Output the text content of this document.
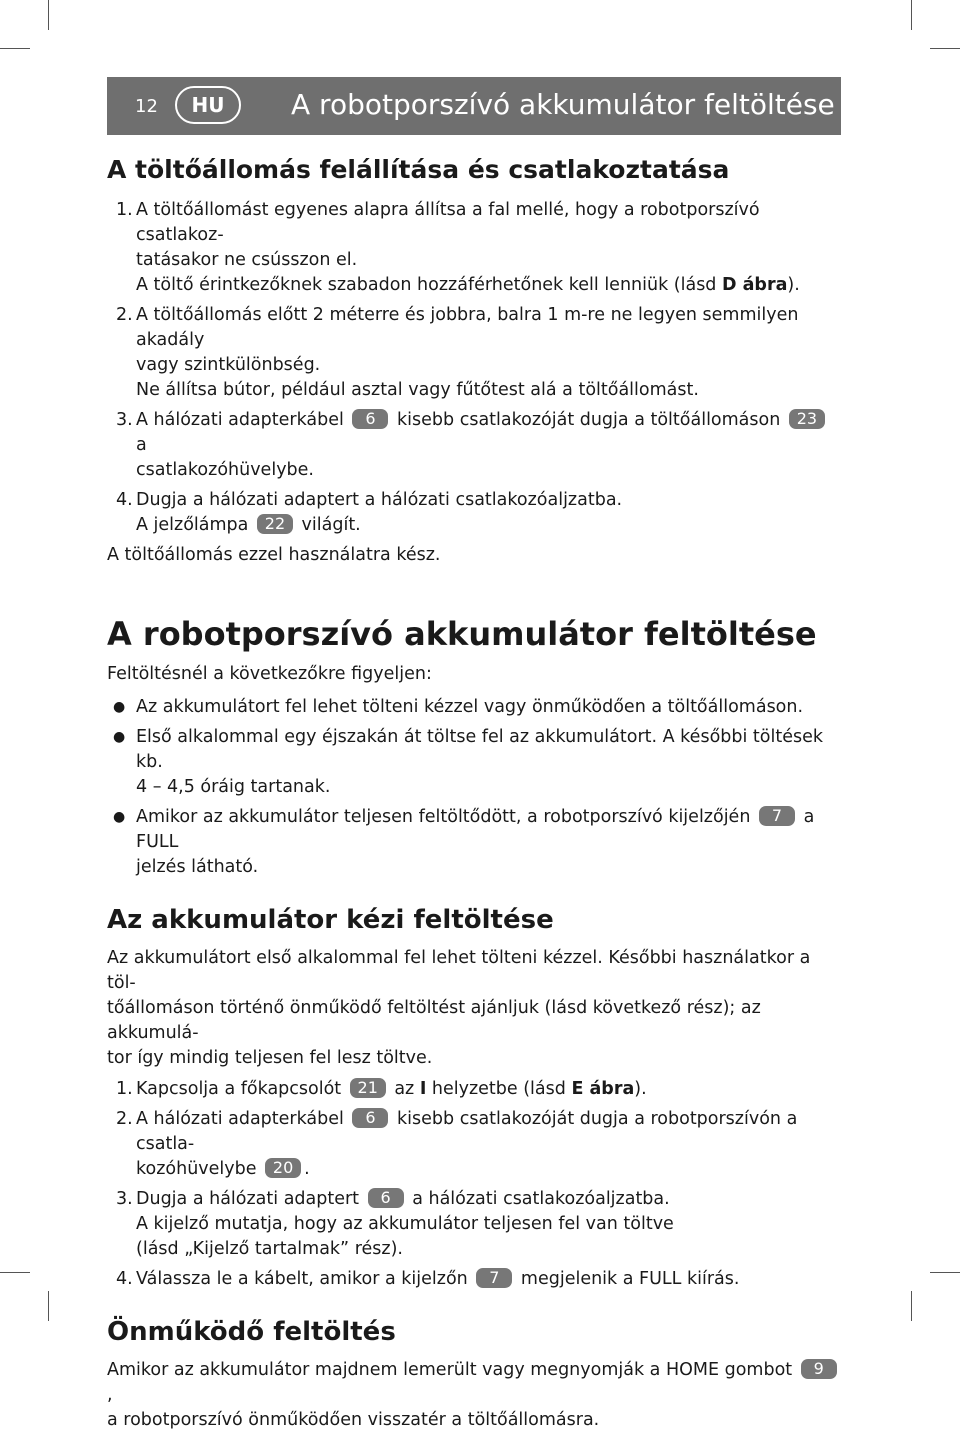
12	HU	A robotporszívó akkumulátor feltöltése
A töltőállomás felállítása és csatlakoztatása
1. A töltőállomást egyenes alapra állítsa a fal mellé, hogy a robotporszívó csatlakoz-
tatásakor ne csússzon el.
A töltő érintkezőknek szabadon hozzáférhetőnek kell lenniük (lásd D ábra).
2. A töltőállomás előtt 2 méterre és jobbra, balra 1 m-re ne legyen semmilyen akadály
vagy szintkülönbség.
Ne állítsa bútor, például asztal vagy fűtőtest alá a töltőállomást.
3. A hálózati adapterkábel 6 kisebb csatlakozóját dugja a töltőállomáson 23 a
csatlakozóhüvelybe.
4. Dugja a hálózati adaptert a hálózati csatlakozóaljzatba.
A jelzőlámpa 22 világít.

A töltőállomás ezzel használatra kész.

A robotporszívó akkumulátor feltöltése

Feltöltésnél a következőkre figyeljen:

● Az akkumulátort fel lehet tölteni kézzel vagy önműködően a töltőállomáson.
● Első alkalommal egy éjszakán át töltse fel az akkumulátort. A későbbi töltések kb.
4 – 4,5 óráig tartanak.
● Amikor az akkumulátor teljesen feltöltődött, a robotporszívó kijelzőjén 7 a FULL
jelzés látható.
Az akkumulátor kézi feltöltése

Az akkumulátort első alkalommal fel lehet tölteni kézzel. Későbbi használatkor a töl-
tőállomáson történő önműködő feltöltést ajánljuk (lásd következő rész); az akkumulá-
tor így mindig teljesen fel lesz töltve.

1. Kapcsolja a főkapcsolót 21 az I helyzetbe (lásd E ábra).
2. A hálózati adapterkábel 6 kisebb csatlakozóját dugja a robotporszívón a csatla-
kozóhüvelybe 20 .
3. Dugja a hálózati adaptert 6 a hálózati csatlakozóaljzatba.
A kijelző mutatja, hogy az akkumulátor teljesen fel van töltve
(lásd „Kijelző tartalmak” rész).
4. Válassza le a kábelt, amikor a kijelzőn 7 megjelenik a FULL kiírás.
Önműködő feltöltés

Amikor az akkumulátor majdnem lemerült vagy megnyomják a HOME gombot 9,
a robotporszívó önműködően visszatér a töltőállomásra.
